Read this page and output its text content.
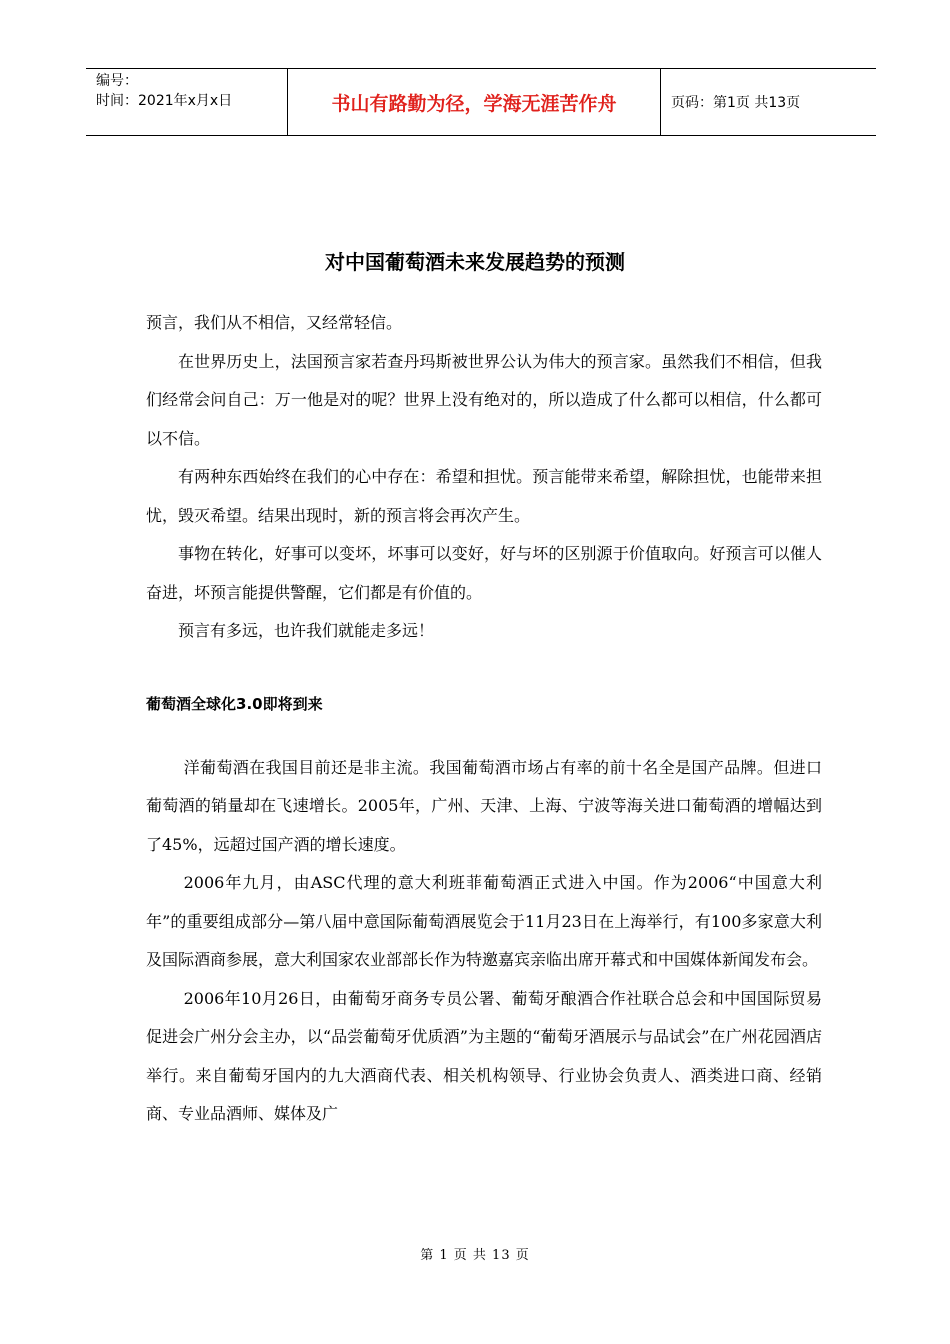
编号：
时间：2021年x月x日	书山有路勤为径，学海无涯苦作舟	页码：第1页 共13页
对中国葡萄酒未来发展趋势的预测

预言，我们从不相信，又经常轻信。

在世界历史上，法国预言家若查丹玛斯被世界公认为伟大的预言家。虽然我们不相信，但我们经常会问自己：万一他是对的呢？世界上没有绝对的，所以造成了什么都可以相信，什么都可以不信。

有两种东西始终在我们的心中存在：希望和担忧。预言能带来希望，解除担忧，也能带来担忧，毁灭希望。结果出现时，新的预言将会再次产生。

事物在转化，好事可以变坏，坏事可以变好，好与坏的区别源于价值取向。好预言可以催人奋进，坏预言能提供警醒，它们都是有价值的。

预言有多远，也许我们就能走多远！

葡萄酒全球化3.0即将到来

洋葡萄酒在我国目前还是非主流。我国葡萄酒市场占有率的前十名全是国产品牌。但进口葡萄酒的销量却在飞速增长。2005年，广州、天津、上海、宁波等海关进口葡萄酒的增幅达到了45%，远超过国产酒的增长速度。

2006年九月，由ASC代理的意大利班菲葡萄酒正式进入中国。作为2006“中国意大利年”的重要组成部分—第八届中意国际葡萄酒展览会于11月23日在上海举行，有100多家意大利及国际酒商参展，意大利国家农业部部长作为特邀嘉宾亲临出席开幕式和中国媒体新闻发布会。

2006年10月26日，由葡萄牙商务专员公署、葡萄牙酿酒合作社联合总会和中国国际贸易促进会广州分会主办，以“品尝葡萄牙优质酒”为主题的“葡萄牙酒展示与品试会”在广州花园酒店举行。来自葡萄牙国内的九大酒商代表、相关机构领导、行业协会负责人、酒类进口商、经销商、专业品酒师、媒体及广

第 1 页 共 13 页
